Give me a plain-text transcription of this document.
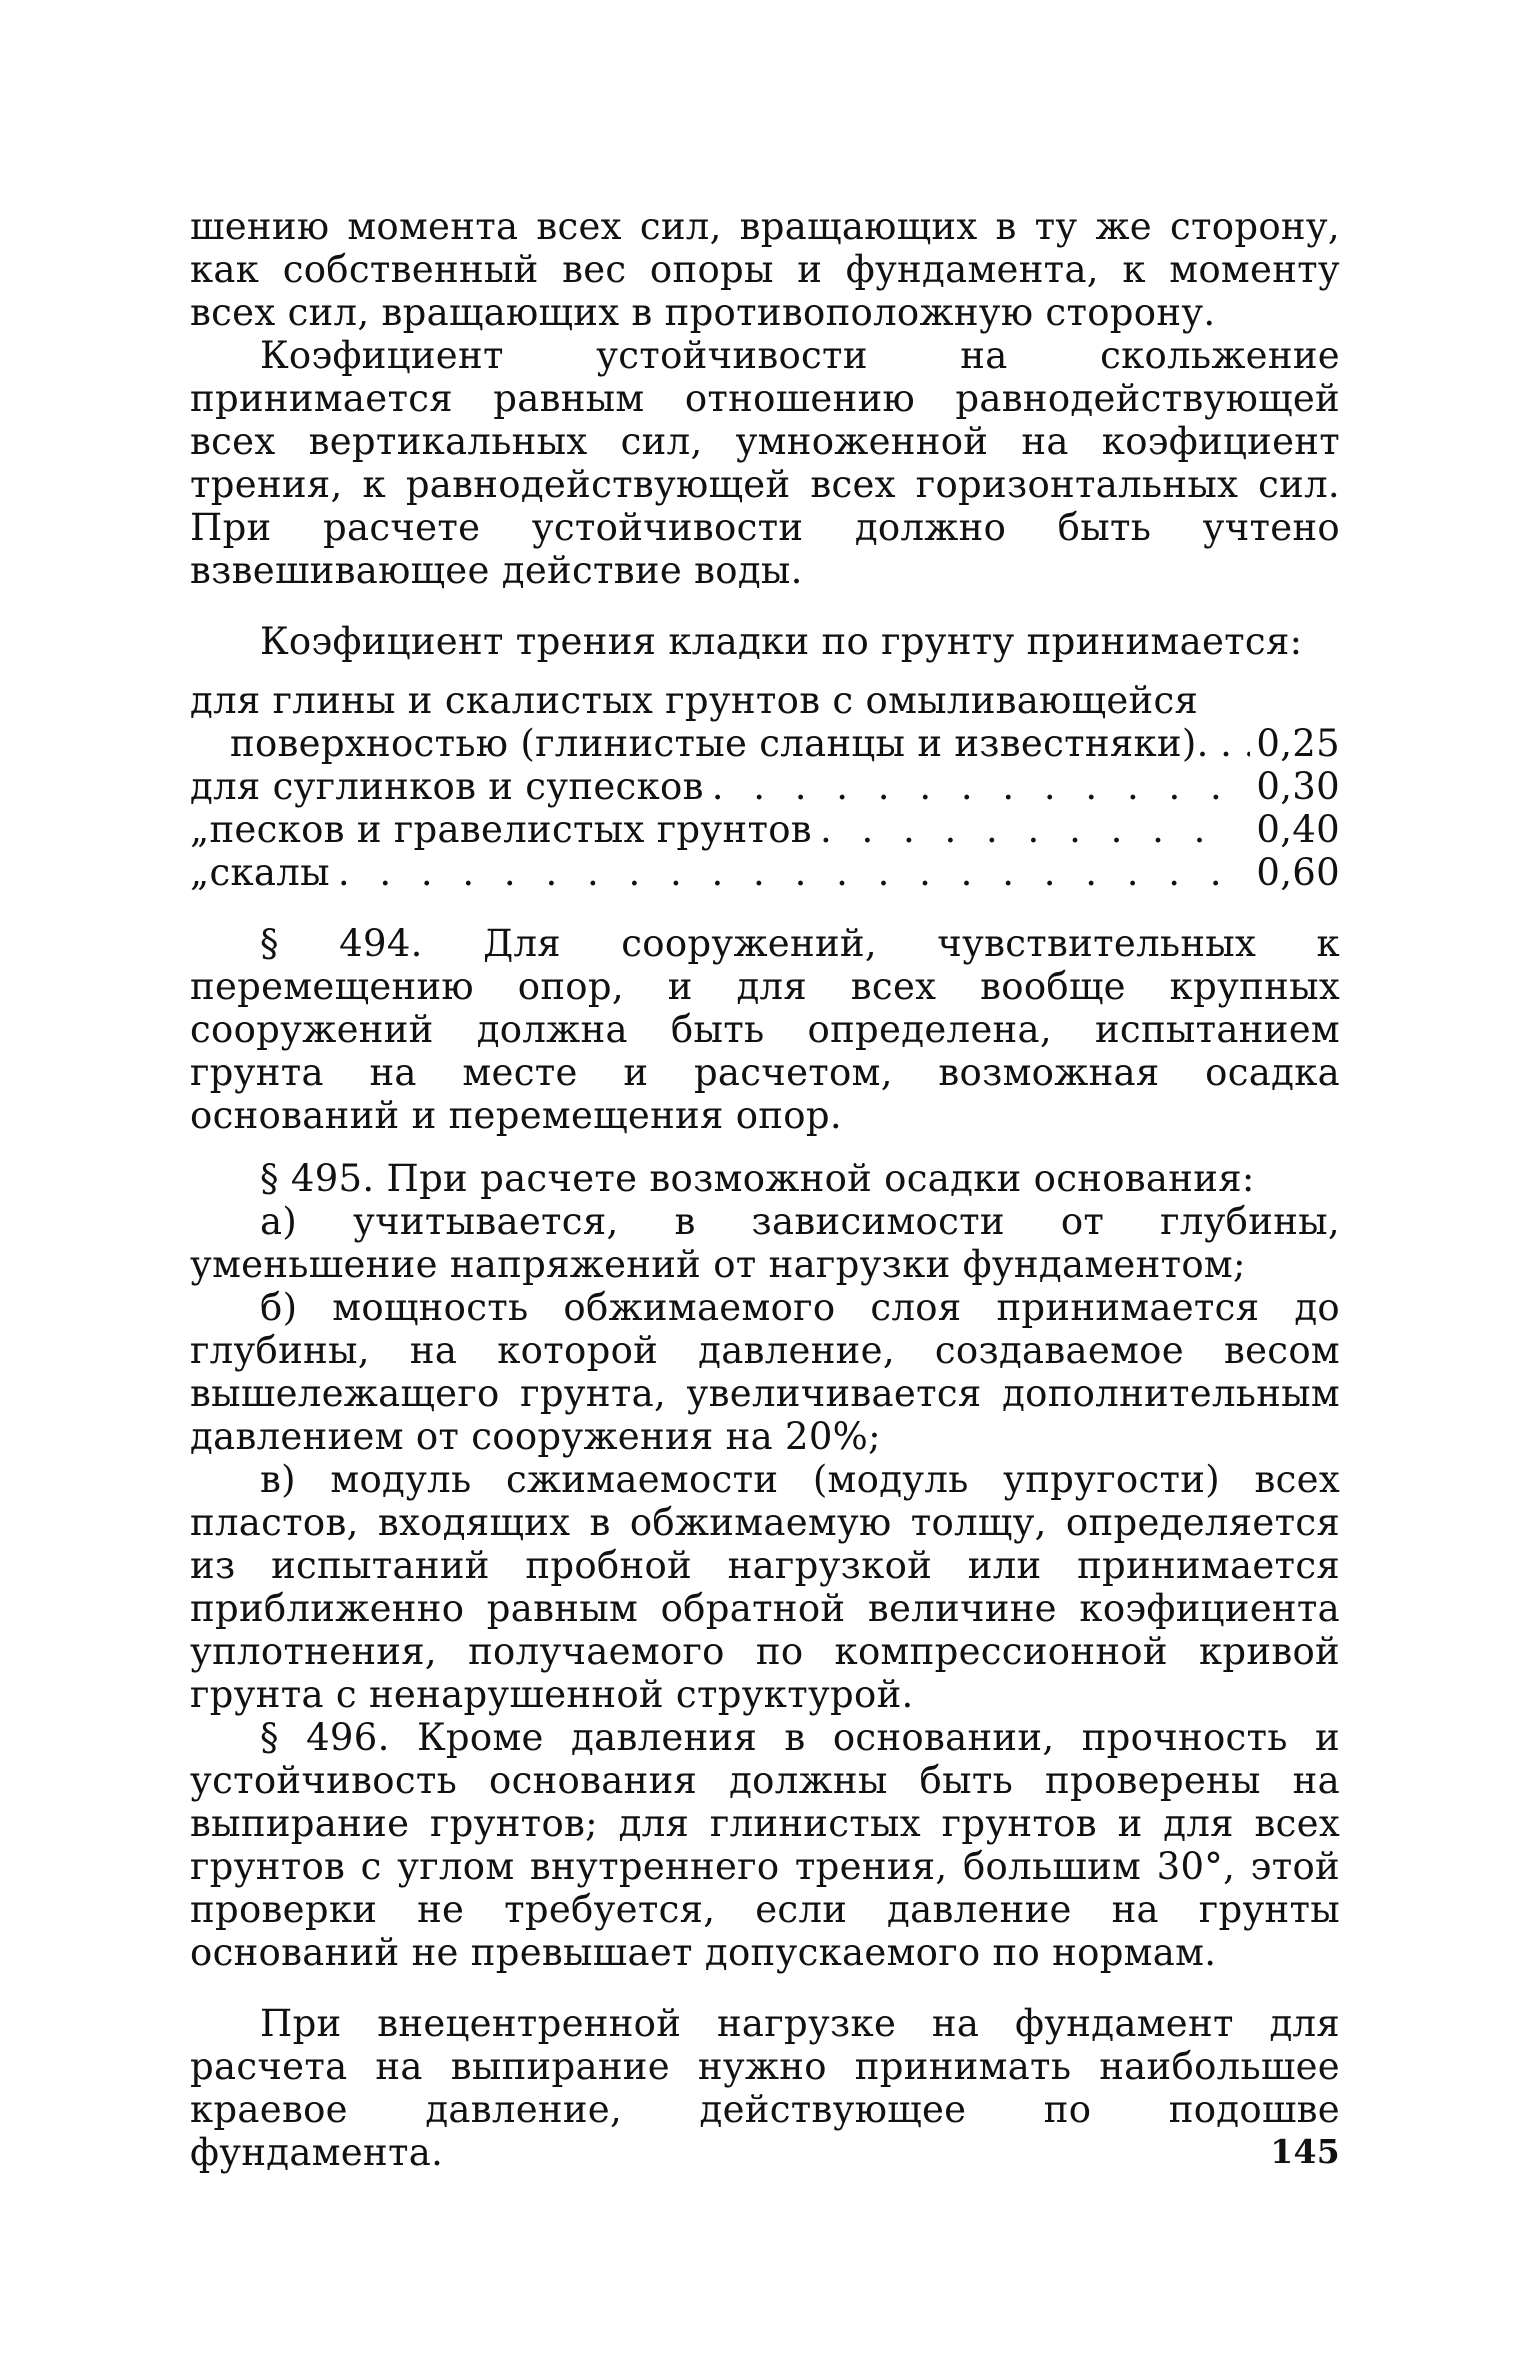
шению момента всех сил, вращающих в ту же сторону, как собственный вес опоры и фундамента, к моменту всех сил, вращающих в противоположную сторону.

Коэфициент устойчивости на скольжение принимается равным отношению равнодействующей всех вертикальных сил, умноженной на коэфициент трения, к равнодействующей всех горизонтальных сил. При расчете устойчивости должно быть учтено взвешивающее действие воды.

Коэфициент трения кладки по грунту принимается:

для глины и скалистых грунтов с омыливающейся
поверхностью (глинистые сланцы и известняки) . . . 0,25
для суглинков и супесков . . .	0,30
„ песков и гравелистых грунтов . . .	0,40
„ скалы . . .	0,60

§ 494. Для сооружений, чувствительных к перемещению опор, и для всех вообще крупных сооружений должна быть определена, испытанием грунта на месте и расчетом, возможная осадка оснований и перемещения опор.

§ 495. При расчете возможной осадки основания:

а) учитывается, в зависимости от глубины, уменьшение напряжений от нагрузки фундаментом;

б) мощность обжимаемого слоя принимается до глубины, на которой давление, создаваемое весом вышележащего грунта, увеличивается дополнительным давлением от сооружения на 20%;

в) модуль сжимаемости (модуль упругости) всех пластов, входящих в обжимаемую толщу, определяется из испытаний пробной нагрузкой или принимается приближенно равным обратной величине коэфициента уплотнения, получаемого по компрессионной кривой грунта с ненарушенной структурой.

§ 496. Кроме давления в основании, прочность и устойчивость основания должны быть проверены на выпирание грунтов; для глинистых грунтов и для всех грунтов с углом внутреннего трения, большим 30°, этой проверки не требуется, если давление на грунты оснований не превышает допускаемого по нормам.

При внецентренной нагрузке на фундамент для расчета на выпирание нужно принимать наибольшее краевое давление, действующее по подошве фундамента.	145
